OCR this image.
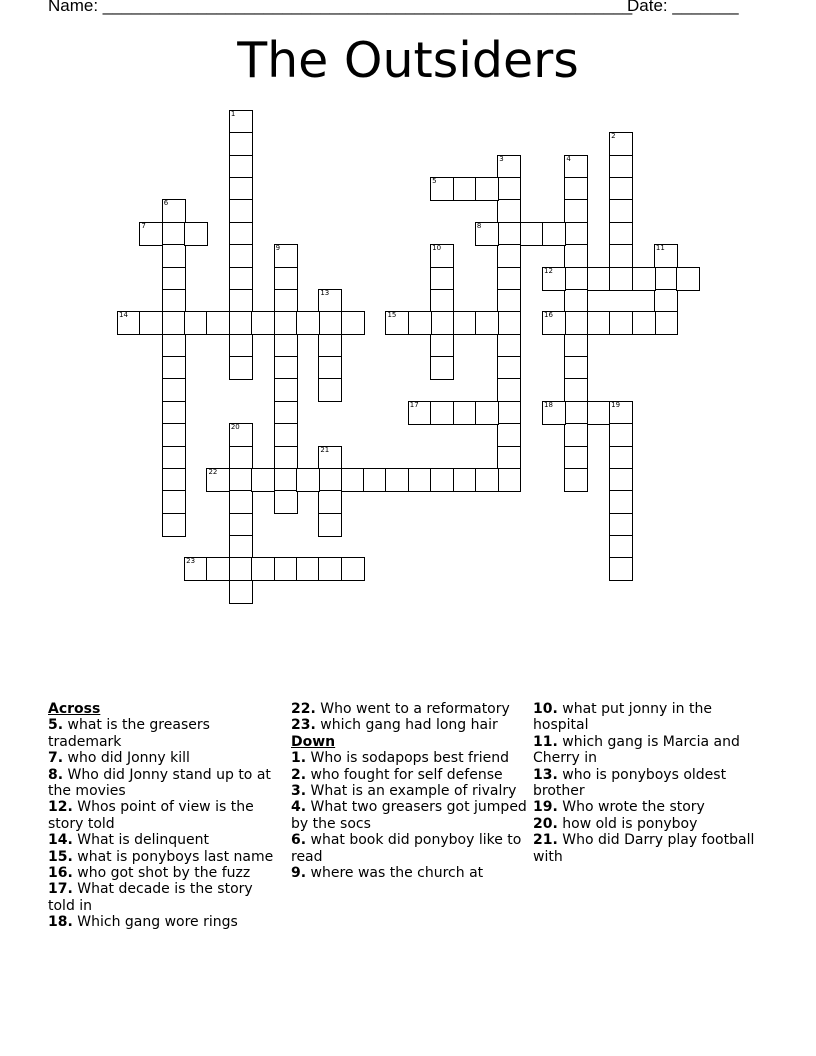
Name: ________________________________________________________
Date: _______
The Outsiders
1
2
3	4
5
6
7	8
9	10	11
12
13
14	15	16
17	18	19
20
21
22
23
Across
5. what is the greasers trademark
7. who did Jonny kill
8. Who did Jonny stand up to at the movies
12. Whos point of view is the story told
14. What is delinquent
15. what is ponyboys last name
16. who got shot by the fuzz
17. What decade is the story told in
18. Which gang wore rings
22. Who went to a reformatory
23. which gang had long hair
Down
1. Who is sodapops best friend
2. who fought for self defense
3. What is an example of rivalry
4. What two greasers got jumped by the socs
6. what book did ponyboy like to read
9. where was the church at
10. what put jonny in the hospital
11. which gang is Marcia and Cherry in
13. who is ponyboys oldest brother
19. Who wrote the story
20. how old is ponyboy
21. Who did Darry play football with
